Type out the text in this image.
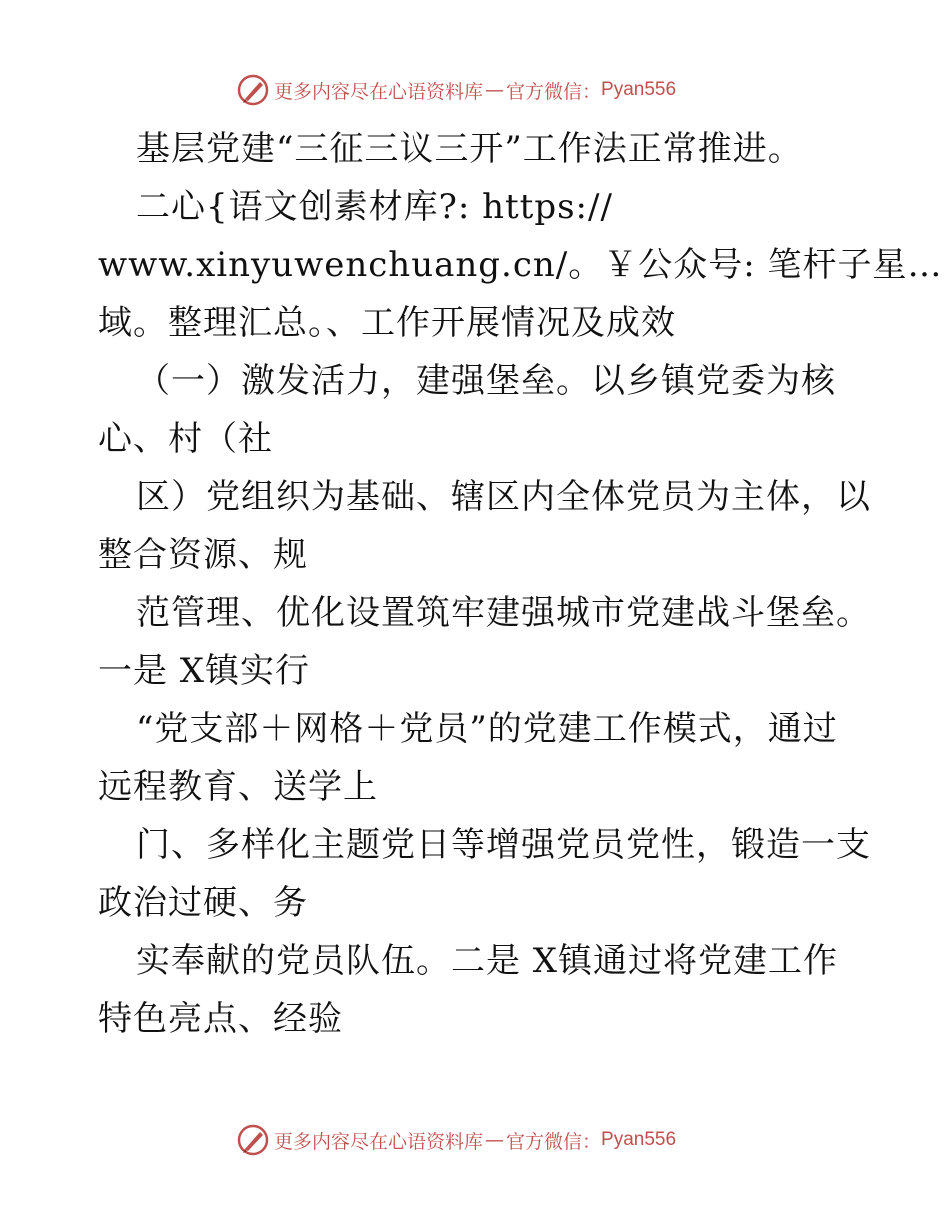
更多内容尽在心语资料库 — 官方微信： Pyan556
基层党建“三征三议三开”工作法正常推进。
二心{语文创素材库?: https://
www.xinyuwenchuang.cn/。￥公众号: 笔杆子星…
域。整理汇总。、工作开展情况及成效
（一）激发活力，建强堡垒。以乡镇党委为核
心、村（社
区）党组织为基础、辖区内全体党员为主体，以
整合资源、规
范管理、优化设置筑牢建强城市党建战斗堡垒。
一是 X镇实行
“党支部＋网格＋党员”的党建工作模式，通过
远程教育、送学上
门、多样化主题党日等增强党员党性，锻造一支
政治过硬、务
实奉献的党员队伍。二是 X镇通过将党建工作
特色亮点、经验
更多内容尽在心语资料库 — 官方微信： Pyan556
